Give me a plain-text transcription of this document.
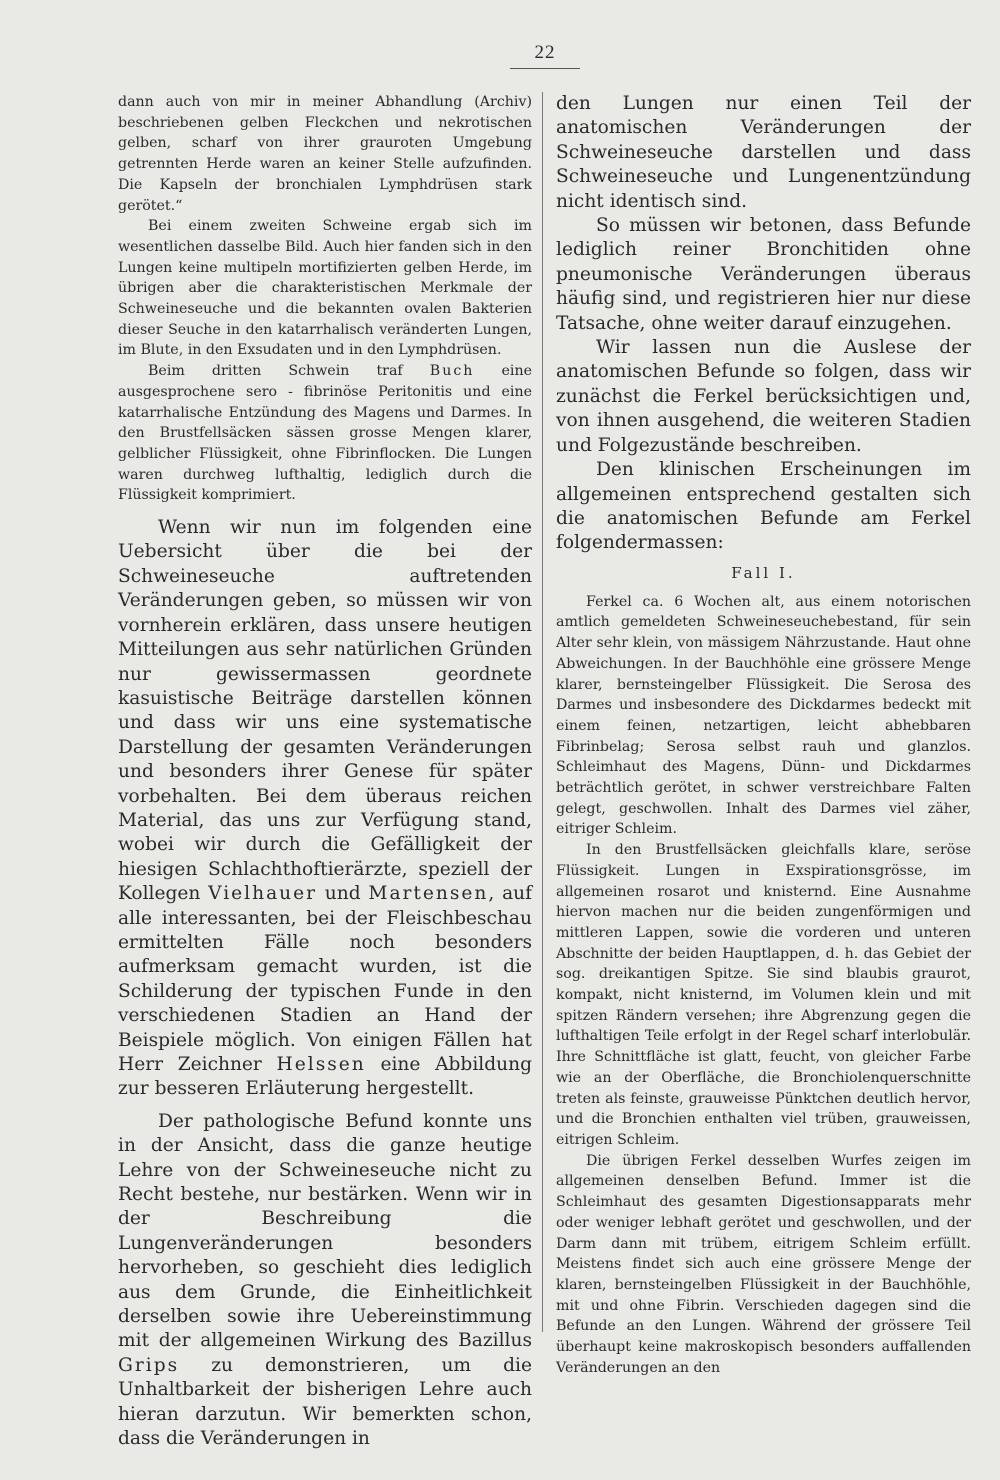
22

dann auch von mir in meiner Abhandlung (Archiv) beschriebenen gelben Fleckchen und nekrotischen gelben, scharf von ihrer grauroten Umgebung getrennten Herde waren an keiner Stelle aufzufinden. Die Kapseln der bronchialen Lymphdrüsen stark gerötet.“

Bei einem zweiten Schweine ergab sich im wesentlichen dasselbe Bild. Auch hier fanden sich in den Lungen keine multipeln mortifizierten gelben Herde, im übrigen aber die charakteristischen Merkmale der Schweineseuche und die bekannten ovalen Bakterien dieser Seuche in den katarrhalisch veränderten Lungen, im Blute, in den Exsudaten und in den Lymphdrüsen.

Beim dritten Schwein traf Buch eine ausgesprochene sero - fibrinöse Peritonitis und eine katarrhalische Entzündung des Magens und Darmes. In den Brustfellsäcken sässen grosse Mengen klarer, gelblicher Flüssigkeit, ohne Fibrinflocken. Die Lungen waren durchweg lufthaltig, lediglich durch die Flüssigkeit komprimiert.

Wenn wir nun im folgenden eine Uebersicht über die bei der Schweineseuche auftretenden Veränderungen geben, so müssen wir von vornherein erklären, dass unsere heutigen Mitteilungen aus sehr natürlichen Gründen nur gewissermassen geordnete kasuistische Beiträge darstellen können und dass wir uns eine systematische Darstellung der gesamten Veränderungen und besonders ihrer Genese für später vorbehalten. Bei dem überaus reichen Material, das uns zur Verfügung stand, wobei wir durch die Gefälligkeit der hiesigen Schlachthoftierärzte, speziell der Kollegen Vielhauer und Martensen, auf alle interessanten, bei der Fleischbeschau ermittelten Fälle noch besonders aufmerksam gemacht wurden, ist die Schilderung der typischen Funde in den verschiedenen Stadien an Hand der Beispiele möglich. Von einigen Fällen hat Herr Zeichner Helssen eine Abbildung zur besseren Erläuterung hergestellt.

Der pathologische Befund konnte uns in der Ansicht, dass die ganze heutige Lehre von der Schweineseuche nicht zu Recht bestehe, nur bestärken. Wenn wir in der Beschreibung die Lungenveränderungen besonders hervorheben, so geschieht dies lediglich aus dem Grunde, die Einheitlichkeit derselben sowie ihre Uebereinstimmung mit der allgemeinen Wirkung des Bazillus Grips zu demonstrieren, um die Unhaltbarkeit der bisherigen Lehre auch hieran darzutun. Wir bemerkten schon, dass die Veränderungen in

den Lungen nur einen Teil der anatomischen Veränderungen der Schweineseuche darstellen und dass Schweineseuche und Lungenentzündung nicht identisch sind.

So müssen wir betonen, dass Befunde lediglich reiner Bronchitiden ohne pneumonische Veränderungen überaus häufig sind, und registrieren hier nur diese Tatsache, ohne weiter darauf einzugehen.

Wir lassen nun die Auslese der anatomischen Befunde so folgen, dass wir zunächst die Ferkel berücksichtigen und, von ihnen ausgehend, die weiteren Stadien und Folgezustände beschreiben.

Den klinischen Erscheinungen im allgemeinen entsprechend gestalten sich die anatomischen Befunde am Ferkel folgendermassen:

Fall I.

Ferkel ca. 6 Wochen alt, aus einem notorischen amtlich gemeldeten Schweineseuchebestand, für sein Alter sehr klein, von mässigem Nährzustande. Haut ohne Abweichungen. In der Bauchhöhle eine grössere Menge klarer, bernsteingelber Flüssigkeit. Die Serosa des Darmes und insbesondere des Dickdarmes bedeckt mit einem feinen, netzartigen, leicht abhebbaren Fibrinbelag; Serosa selbst rauh und glanzlos. Schleimhaut des Magens, Dünn- und Dickdarmes beträchtlich gerötet, in schwer verstreichbare Falten gelegt, geschwollen. Inhalt des Darmes viel zäher, eitriger Schleim.

In den Brustfellsäcken gleichfalls klare, seröse Flüssigkeit. Lungen in Exspirationsgrösse, im allgemeinen rosarot und knisternd. Eine Ausnahme hiervon machen nur die beiden zungenförmigen und mittleren Lappen, sowie die vorderen und unteren Abschnitte der beiden Hauptlappen, d. h. das Gebiet der sog. dreikantigen Spitze. Sie sind blaubis graurot, kompakt, nicht knisternd, im Volumen klein und mit spitzen Rändern versehen; ihre Abgrenzung gegen die lufthaltigen Teile erfolgt in der Regel scharf interlobulär. Ihre Schnittfläche ist glatt, feucht, von gleicher Farbe wie an der Oberfläche, die Bronchiolenquerschnitte treten als feinste, grauweisse Pünktchen deutlich hervor, und die Bronchien enthalten viel trüben, grauweissen, eitrigen Schleim.

Die übrigen Ferkel desselben Wurfes zeigen im allgemeinen denselben Befund. Immer ist die Schleimhaut des gesamten Digestionsapparats mehr oder weniger lebhaft gerötet und geschwollen, und der Darm dann mit trübem, eitrigem Schleim erfüllt. Meistens findet sich auch eine grössere Menge der klaren, bernsteingelben Flüssigkeit in der Bauchhöhle, mit und ohne Fibrin. Verschieden dagegen sind die Befunde an den Lungen. Während der grössere Teil überhaupt keine makroskopisch besonders auffallenden Veränderungen an den
